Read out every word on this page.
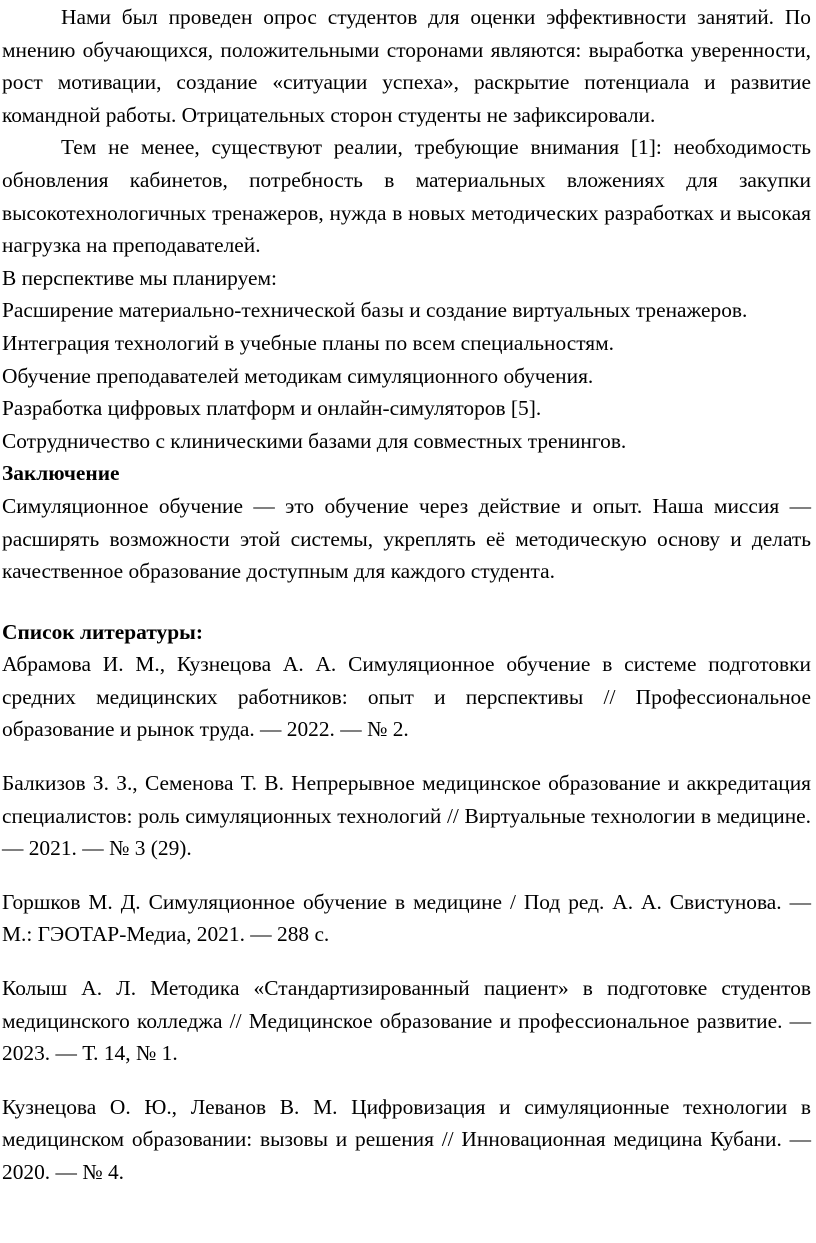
Нами был проведен опрос студентов для оценки эффективности занятий. По мнению обучающихся, положительными сторонами являются: выработка уверенности, рост мотивации, создание «ситуации успеха», раскрытие потенциала и развитие командной работы. Отрицательных сторон студенты не зафиксировали.

Тем не менее, существуют реалии, требующие внимания [1]: необходимость обновления кабинетов, потребность в материальных вложениях для закупки высокотехнологичных тренажеров, нужда в новых методических разработках и высокая нагрузка на преподавателей.

В перспективе мы планируем:

Расширение материально-технической базы и создание виртуальных тренажеров.

Интеграция технологий в учебные планы по всем специальностям.

Обучение преподавателей методикам симуляционного обучения.

Разработка цифровых платформ и онлайн-симуляторов [5].

Сотрудничество с клиническими базами для совместных тренингов.

Заключение

Симуляционное обучение — это обучение через действие и опыт. Наша миссия — расширять возможности этой системы, укреплять её методическую основу и делать качественное образование доступным для каждого студента.

Список литературы:

Абрамова И. М., Кузнецова А. А. Симуляционное обучение в системе подготовки средних медицинских работников: опыт и перспективы // Профессиональное образование и рынок труда. — 2022. — № 2.

Балкизов З. З., Семенова Т. В. Непрерывное медицинское образование и аккредитация специалистов: роль симуляционных технологий // Виртуальные технологии в медицине. — 2021. — № 3 (29).

Горшков М. Д. Симуляционное обучение в медицине / Под ред. А. А. Свистунова. — М.: ГЭОТАР-Медиа, 2021. — 288 с.

Колыш А. Л. Методика «Стандартизированный пациент» в подготовке студентов медицинского колледжа // Медицинское образование и профессиональное развитие. — 2023. — Т. 14, № 1.

Кузнецова О. Ю., Леванов В. М. Цифровизация и симуляционные технологии в медицинском образовании: вызовы и решения // Инновационная медицина Кубани. — 2020. — № 4.
